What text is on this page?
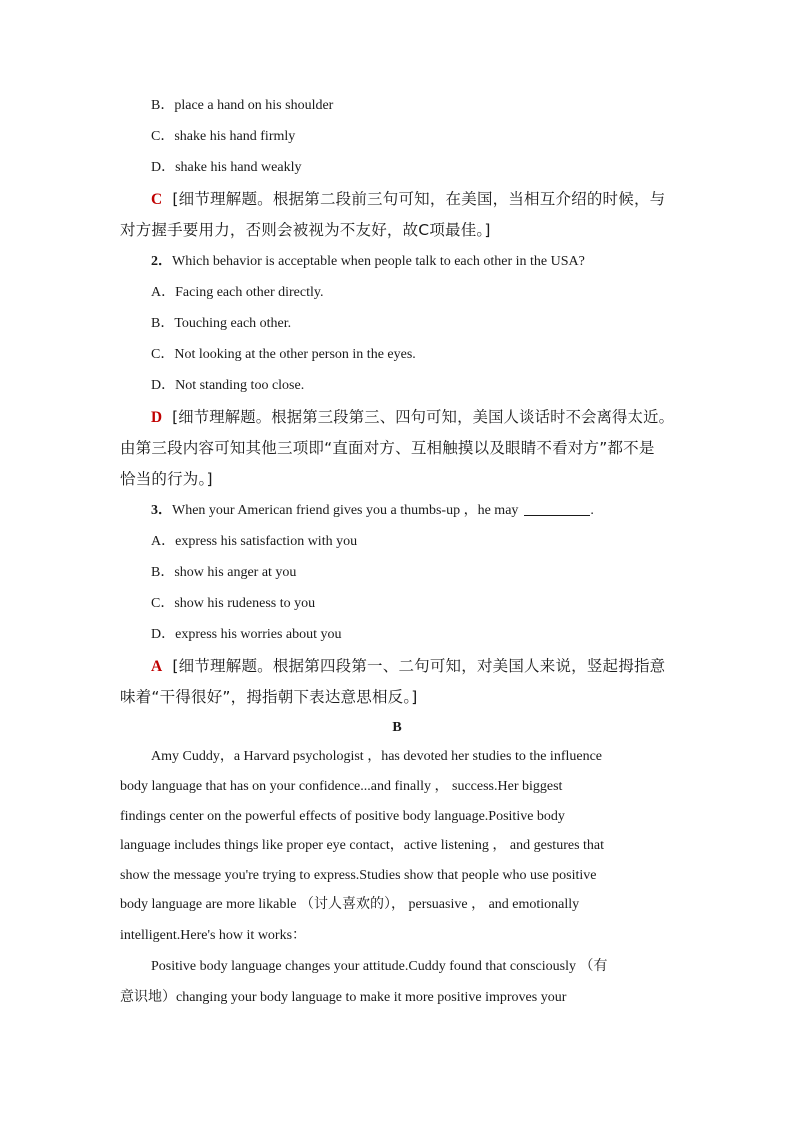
B．place a hand on his shoulder
C．shake his hand firmly
D．shake his hand weakly
C [细节理解题。根据第二段前三句可知，在美国，当相互介绍的时候，与
对方握手要用力，否则会被视为不友好，故C项最佳。]
2．Which behavior is acceptable when people talk to each other in the USA?
A．Facing each other directly.
B．Touching each other.
C．Not looking at the other person in the eyes.
D．Not standing too close.
D [细节理解题。根据第三段第三、四句可知，美国人谈话时不会离得太近。
由第三段内容可知其他三项即“直面对方、互相触摸以及眼睛不看对方”都不是
恰当的行为。]
3．When your American friend gives you a thumbs-up ，he may	.
A．express his satisfaction with you
B．show his anger at you
C．show his rudeness to you
D．express his worries about you
A [细节理解题。根据第四段第一、二句可知，对美国人来说，竖起拇指意
味着“干得很好”，拇指朝下表达意思相反。]
B
Amy Cuddy，a Harvard psychologist ，has devoted her studies to the influence
body language that has on your confidence...and finally ， success.Her biggest
findings center on the powerful effects of positive body language.Positive body
language includes things like proper eye contact，active listening ， and gestures that
show the message you're trying to express.Studies show that people who use positive
body language are more likable （讨人喜欢的）， persuasive ， and emotionally
intelligent.Here's how it works：
Positive body language changes your attitude.Cuddy found that consciously （有
意识地）changing your body language to make it more positive improves your
